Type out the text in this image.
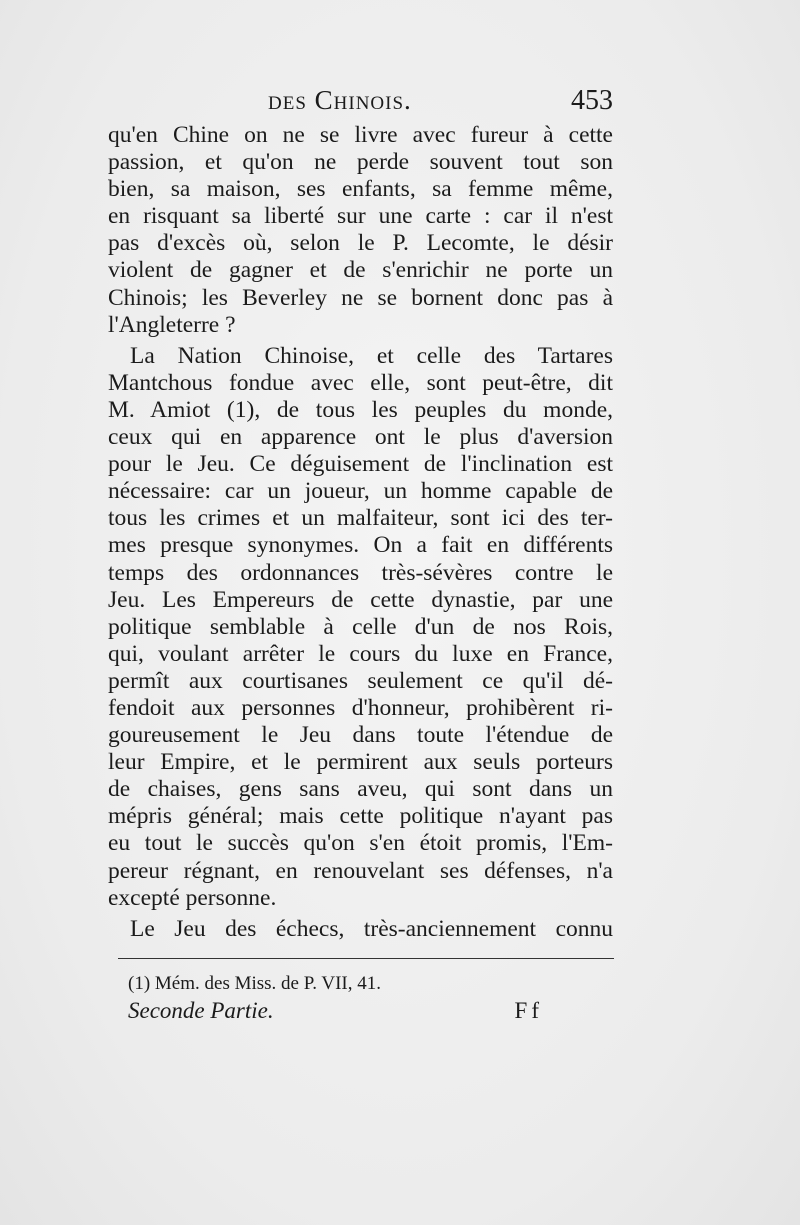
des Chinois.	453
qu'en Chine on ne se livre avec fureur à cette
passion, et qu'on ne perde souvent tout son
bien, sa maison, ses enfants, sa femme même,
en risquant sa liberté sur une carte : car il n'est
pas d'excès où, selon le P. Lecomte, le désir
violent de gagner et de s'enrichir ne porte un
Chinois; les Beverley ne se bornent donc pas à
l'Angleterre ?
La Nation Chinoise, et celle des Tartares
Mantchous fondue avec elle, sont peut-être, dit
M. Amiot (1), de tous les peuples du monde,
ceux qui en apparence ont le plus d'aversion
pour le Jeu. Ce déguisement de l'inclination est
nécessaire: car un joueur, un homme capable de
tous les crimes et un malfaiteur, sont ici des ter-
mes presque synonymes. On a fait en différents
temps des ordonnances très-sévères contre le
Jeu. Les Empereurs de cette dynastie, par une
politique semblable à celle d'un de nos Rois,
qui, voulant arrêter le cours du luxe en France,
permît aux courtisanes seulement ce qu'il dé-
fendoit aux personnes d'honneur, prohibèrent ri-
goureusement le Jeu dans toute l'étendue de
leur Empire, et le permirent aux seuls porteurs
de chaises, gens sans aveu, qui sont dans un
mépris général; mais cette politique n'ayant pas
eu tout le succès qu'on s'en étoit promis, l'Em-
pereur régnant, en renouvelant ses défenses, n'a
excepté personne.
Le Jeu des échecs, très-anciennement connu
(1) Mém. des Miss. de P. VII, 41.
Seconde Partie.	Ff
